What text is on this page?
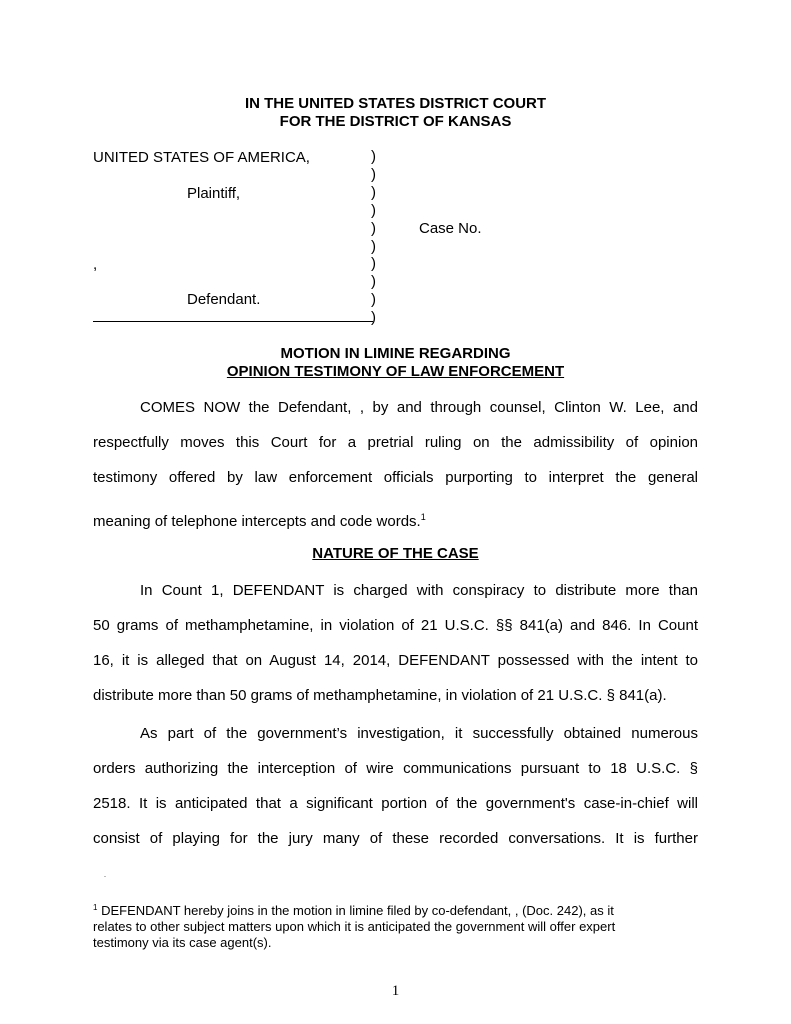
IN THE UNITED STATES DISTRICT COURT
FOR THE DISTRICT OF KANSAS
UNITED STATES OF AMERICA,
Plaintiff,
Case No.
,
Defendant.
)
)
)
)
)
)
)
)
)
)
MOTION IN LIMINE REGARDING
OPINION TESTIMONY OF LAW ENFORCEMENT
COMES NOW the Defendant, , by and through counsel, Clinton W. Lee, and
respectfully moves this Court for a pretrial ruling on the admissibility of opinion
testimony offered by law enforcement officials purporting to interpret the general
meaning of telephone intercepts and code words.$^1$
NATURE OF THE CASE
In Count 1, DEFENDANT is charged with conspiracy to distribute more than
50 grams of methamphetamine, in violation of 21 U.S.C. §§ 841(a) and 846. In Count
16, it is alleged that on August 14, 2014, DEFENDANT possessed with the intent to
distribute more than 50 grams of methamphetamine, in violation of 21 U.S.C. § 841(a).
As part of the government’s investigation, it successfully obtained numerous
orders authorizing the interception of wire communications pursuant to 18 U.S.C. §
2518. It is anticipated that a significant portion of the government's case-in-chief will
consist of playing for the jury many of these recorded conversations. It is further
$^1$ DEFENDANT hereby joins in the motion in limine filed by co-defendant, , (Doc. 242), as it
relates to other subject matters upon which it is anticipated the government will offer expert
testimony via its case agent(s).
1
